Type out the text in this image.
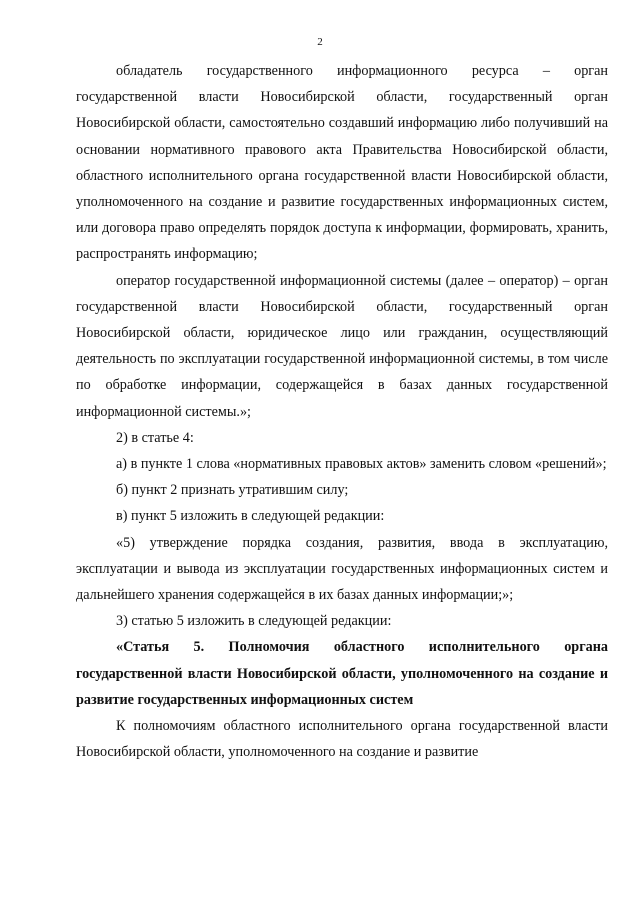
2

обладатель государственного информационного ресурса – орган государственной власти Новосибирской области, государственный орган Новосибирской области, самостоятельно создавший информацию либо получивший на основании нормативного правового акта Правительства Новосибирской области, областного исполнительного органа государственной власти Новосибирской области, уполномоченного на создание и развитие государственных информационных систем, или договора право определять порядок доступа к информации, формировать, хранить, распространять информацию;

оператор государственной информационной системы (далее – оператор) – орган государственной власти Новосибирской области, государственный орган Новосибирской области, юридическое лицо или гражданин, осуществляющий деятельность по эксплуатации государственной информационной системы, в том числе по обработке информации, содержащейся в базах данных государственной информационной системы.»;

2) в статье 4:

а) в пункте 1 слова «нормативных правовых актов» заменить словом «решений»;

б) пункт 2 признать утратившим силу;

в) пункт 5 изложить в следующей редакции:

«5) утверждение порядка создания, развития, ввода в эксплуатацию, эксплуатации и вывода из эксплуатации государственных информационных систем и дальнейшего хранения содержащейся в их базах данных информации;»;

3) статью 5 изложить в следующей редакции:

«Статья 5. Полномочия областного исполнительного органа государственной власти Новосибирской области, уполномоченного на создание и развитие государственных информационных систем

К полномочиям областного исполнительного органа государственной власти Новосибирской области, уполномоченного на создание и развитие
